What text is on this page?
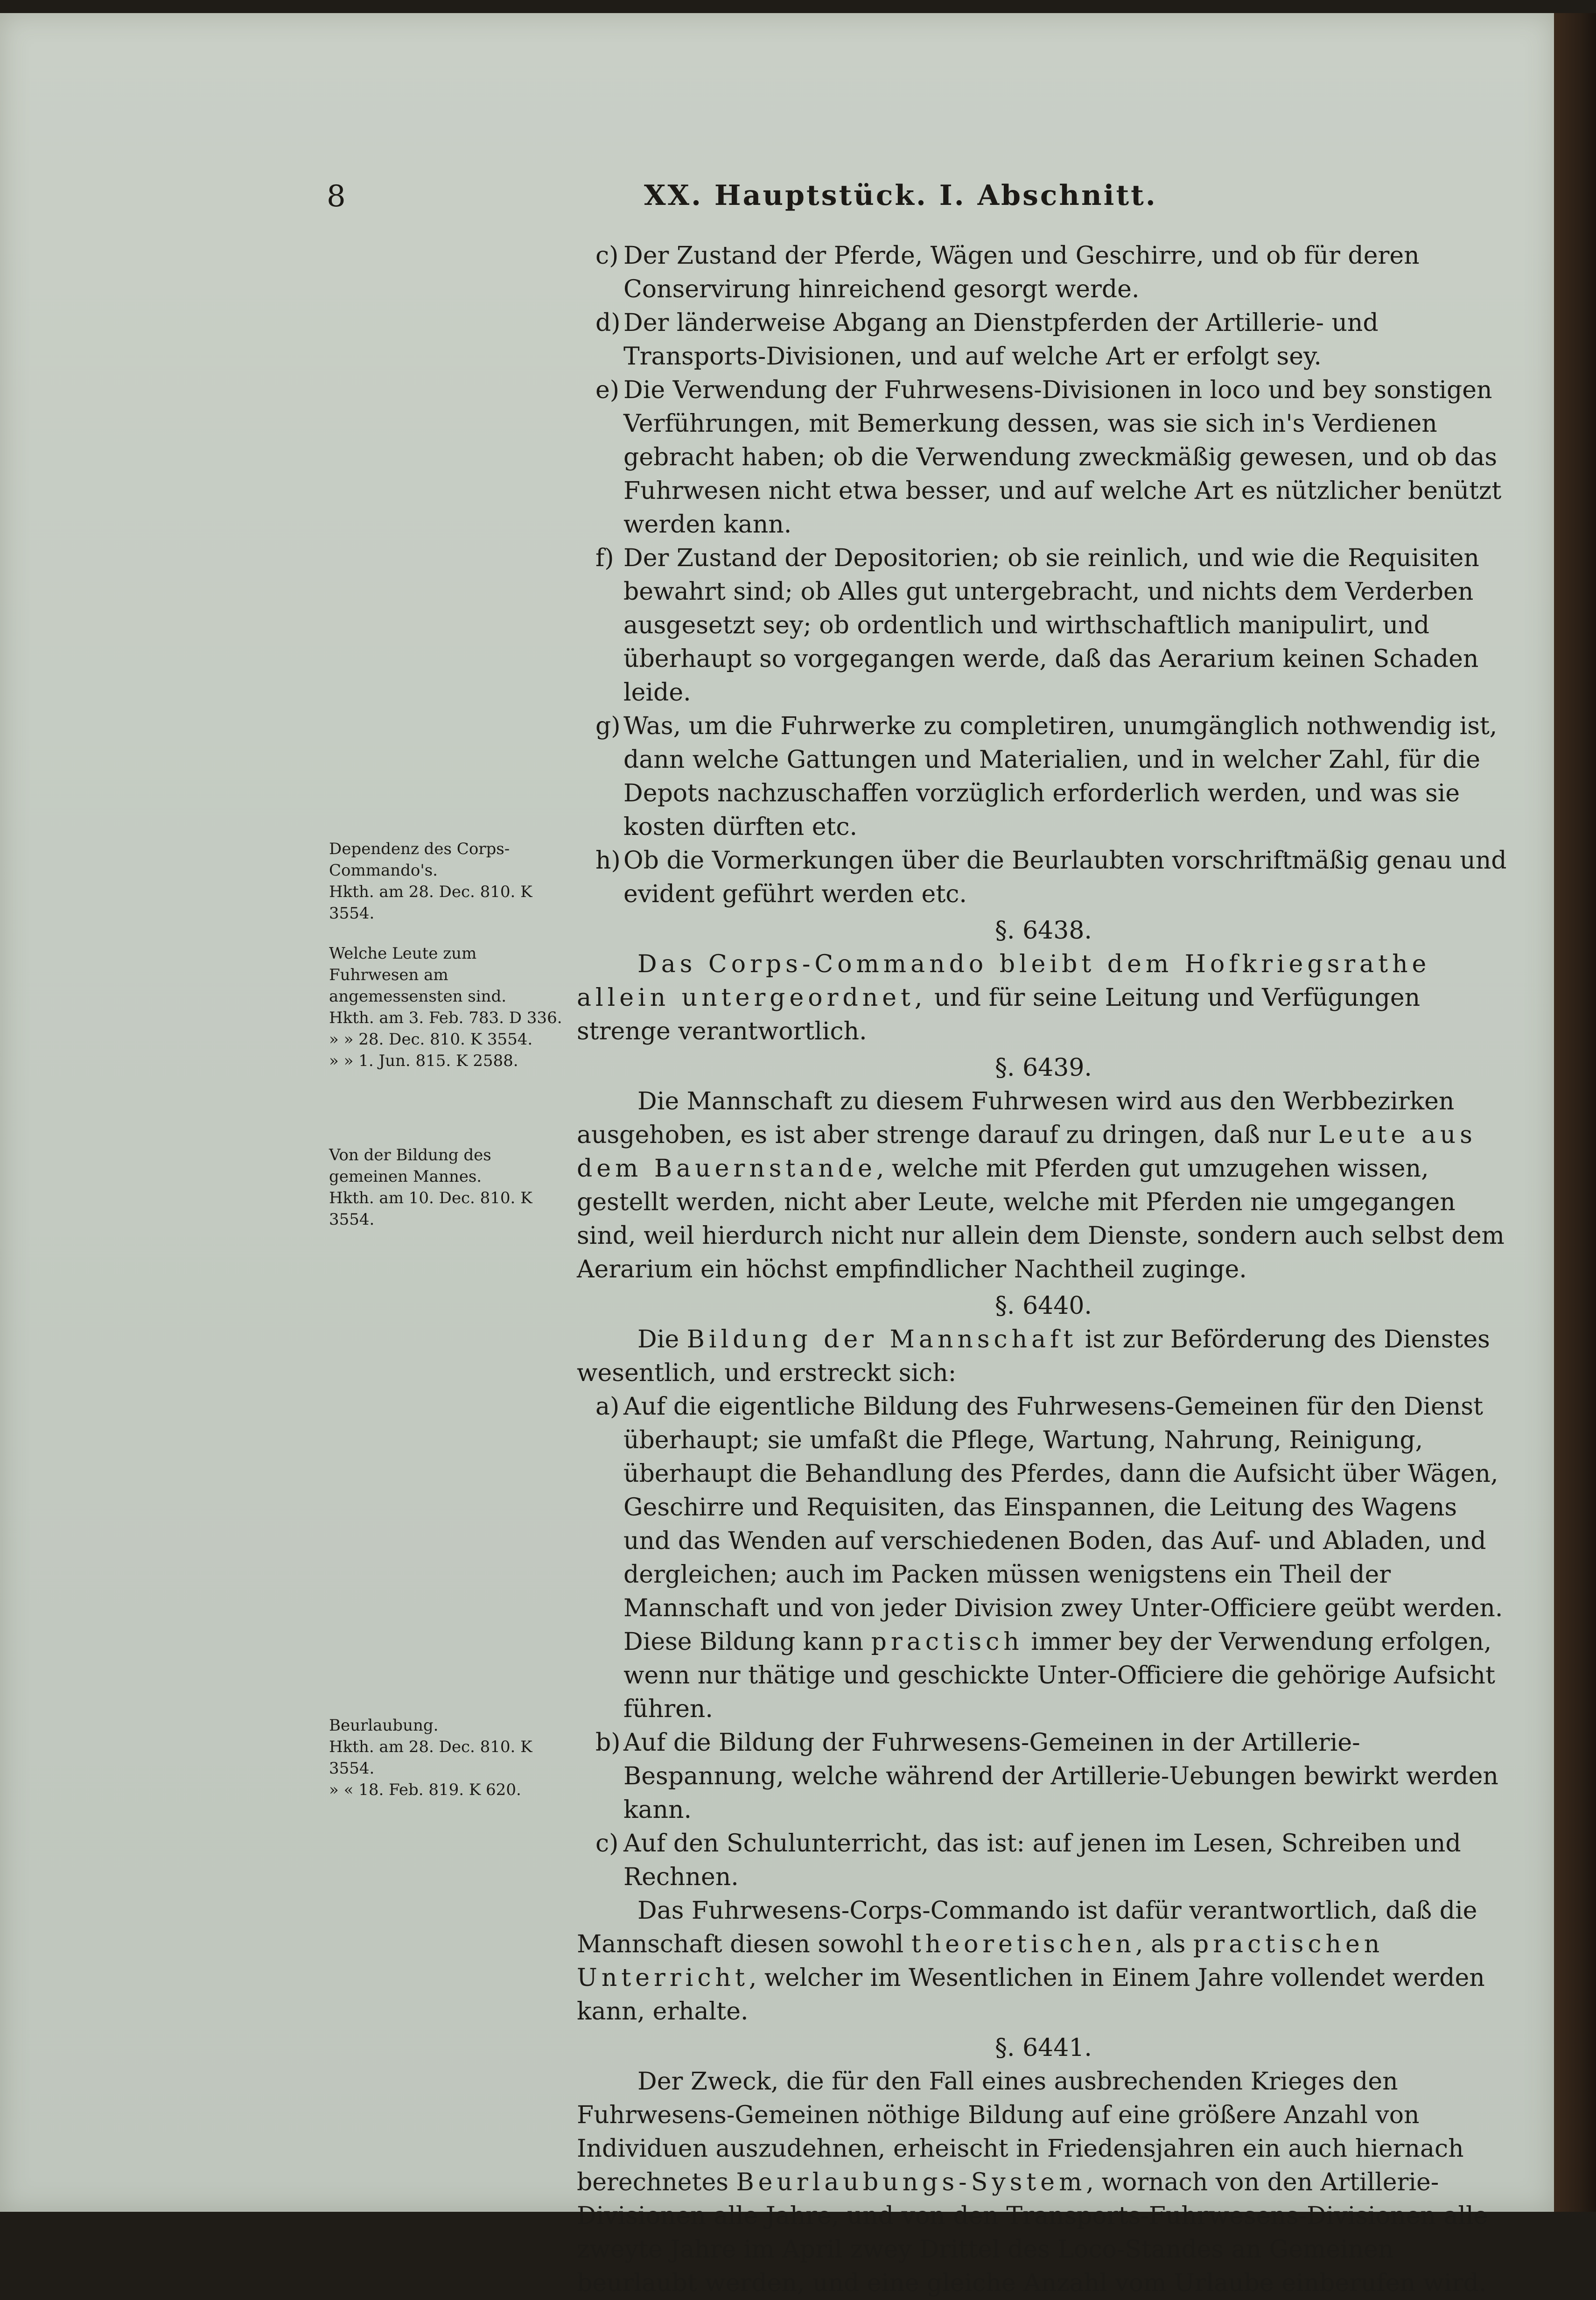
8	XX. Hauptstück. I. Abschnitt.

c) Der Zustand der Pferde, Wägen und Geschirre, und ob für deren Conservirung hinreichend gesorgt werde.

d) Der länderweise Abgang an Dienstpferden der Artillerie- und Transports-Divisionen, und auf welche Art er erfolgt sey.

e) Die Verwendung der Fuhrwesens-Divisionen in loco und bey sonstigen Verführungen, mit Bemerkung dessen, was sie sich in's Verdienen gebracht haben; ob die Verwendung zweckmäßig gewesen, und ob das Fuhrwesen nicht etwa besser, und auf welche Art es nützlicher benützt werden kann.

f) Der Zustand der Depositorien; ob sie reinlich, und wie die Requisiten bewahrt sind; ob Alles gut untergebracht, und nichts dem Verderben ausgesetzt sey; ob ordentlich und wirthschaftlich manipulirt, und überhaupt so vorgegangen werde, daß das Aerarium keinen Schaden leide.

g) Was, um die Fuhrwerke zu completiren, unumgänglich nothwendig ist, dann welche Gattungen und Materialien, und in welcher Zahl, für die Depots nachzuschaffen vorzüglich erforderlich werden, und was sie kosten dürften etc.

h) Ob die Vormerkungen über die Beurlaubten vorschriftmäßig genau und evident geführt werden etc.

§. 6438.

Das Corps-Commando bleibt dem Hofkriegsrathe allein untergeordnet, und für seine Leitung und Verfügungen strenge verantwortlich.

§. 6439.

Die Mannschaft zu diesem Fuhrwesen wird aus den Werbbezirken ausgehoben, es ist aber strenge darauf zu dringen, daß nur Leute aus dem Bauernstande, welche mit Pferden gut umzugehen wissen, gestellt werden, nicht aber Leute, welche mit Pferden nie umgegangen sind, weil hierdurch nicht nur allein dem Dienste, sondern auch selbst dem Aerarium ein höchst empfindlicher Nachtheil zuginge.

§. 6440.

Die Bildung der Mannschaft ist zur Beförderung des Dienstes wesentlich, und erstreckt sich:

a) Auf die eigentliche Bildung des Fuhrwesens-Gemeinen für den Dienst überhaupt; sie umfaßt die Pflege, Wartung, Nahrung, Reinigung, überhaupt die Behandlung des Pferdes, dann die Aufsicht über Wägen, Geschirre und Requisiten, das Einspannen, die Leitung des Wagens und das Wenden auf verschiedenen Boden, das Auf- und Abladen, und dergleichen; auch im Packen müssen wenigstens ein Theil der Mannschaft und von jeder Division zwey Unter-Officiere geübt werden. Diese Bildung kann practisch immer bey der Verwendung erfolgen, wenn nur thätige und geschickte Unter-Officiere die gehörige Aufsicht führen.

b) Auf die Bildung der Fuhrwesens-Gemeinen in der Artillerie-Bespannung, welche während der Artillerie-Uebungen bewirkt werden kann.

c) Auf den Schulunterricht, das ist: auf jenen im Lesen, Schreiben und Rechnen.

Das Fuhrwesens-Corps-Commando ist dafür verantwortlich, daß die Mannschaft diesen sowohl theoretischen, als practischen Unterricht, welcher im Wesentlichen in Einem Jahre vollendet werden kann, erhalte.

§. 6441.

Der Zweck, die für den Fall eines ausbrechenden Krieges den Fuhrwesens-Gemeinen nöthige Bildung auf eine größere Anzahl von Individuen auszudehnen, erheischt in Friedensjahren ein auch hiernach berechnetes Beurlaubungs-System, wornach von den Artillerie-Divisionen alle Jahre, und von den Transports-Fuhrwesens-Divisionen alle zweyte Jahre im April zwey Drittel des Loco-Standes an Gemeinen beurlaubt werden, und eine gleiche Anzahl vom Urlaube einberufen wird.

Dependenz des Corps-Commando's.

Hkth. am 28. Dec. 810. K 3554.

Welche Leute zum Fuhrwesen am angemessensten sind.

Hkth. am 3. Feb. 783. D 336.

» » 28. Dec. 810. K 3554.

» » 1. Jun. 815. K 2588.

Von der Bildung des gemeinen Mannes.

Hkth. am 10. Dec. 810. K 3554.

Beurlaubung.

Hkth. am 28. Dec. 810. K 3554.

» « 18. Feb. 819. K 620.
